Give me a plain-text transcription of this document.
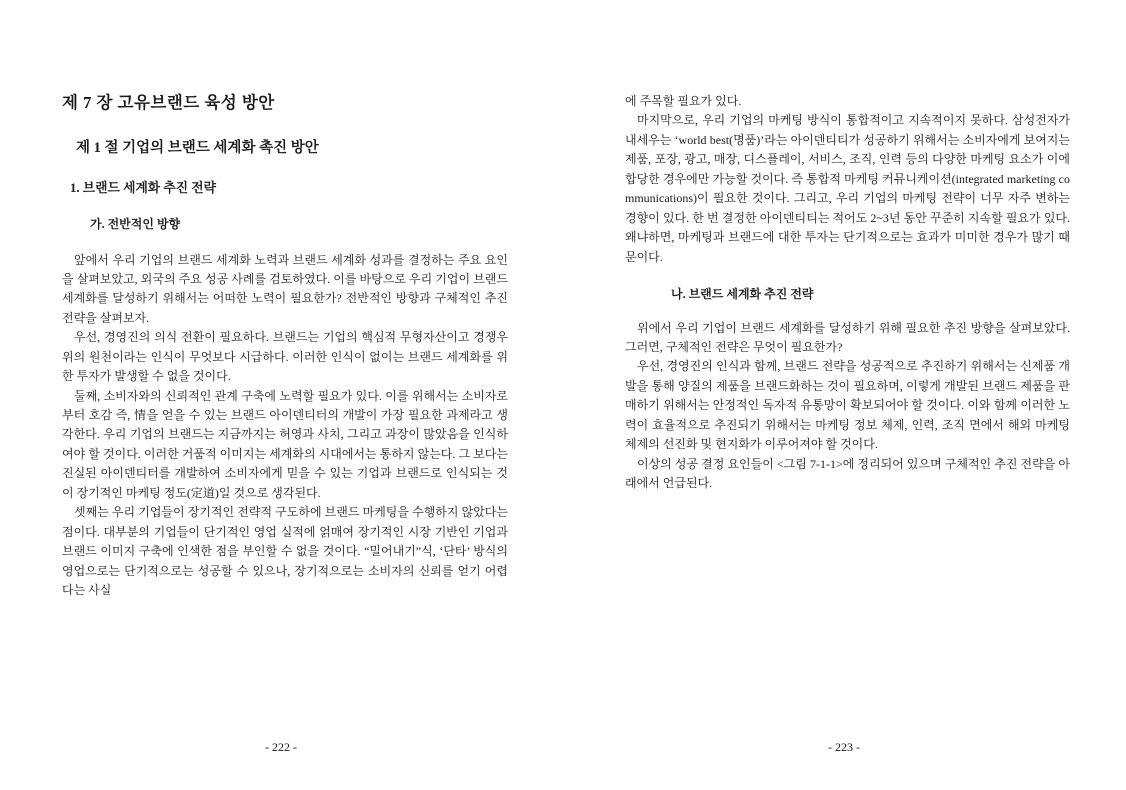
제 7 장 고유브랜드 육성 방안
제 1 절 기업의 브랜드 세계화 촉진 방안
1. 브랜드 세계화 추진 전략
가. 전반적인 방향

앞에서 우리 기업의 브랜드 세계화 노력과 브랜드 세계화 성과를 결정하는 주요 요인을 살펴보았고, 외국의 주요 성공 사례를 검토하였다. 이를 바탕으로 우리 기업이 브랜드 세계화를 달성하기 위해서는 어떠한 노력이 필요한가? 전반적인 방향과 구체적인 추진 전략을 살펴보자.

우선, 경영진의 의식 전환이 필요하다. 브랜드는 기업의 핵심적 무형자산이고 경쟁우위의 원천이라는 인식이 무엇보다 시급하다. 이러한 인식이 없이는 브랜드 세계화를 위한 투자가 발생할 수 없을 것이다.

둘째, 소비자와의 신뢰적인 관계 구축에 노력할 필요가 있다. 이를 위해서는 소비자로부터 호감 즉, 情을 얻을 수 있는 브랜드 아이덴티터의 개발이 가장 필요한 과제라고 생각한다. 우리 기업의 브랜드는 지금까지는 허영과 사치, 그리고 과장이 많았음을 인식하여야 할 것이다. 이러한 거품적 이미지는 세계화의 시대에서는 통하지 않는다. 그 보다는 진실된 아이덴티터를 개발하여 소비자에게 믿을 수 있는 기업과 브랜드로 인식되는 것이 장기적인 마케팅 정도(定道)일 것으로 생각된다.

셋째는 우리 기업들이 장기적인 전략적 구도하에 브랜드 마케팅을 수행하지 않았다는 점이다. 대부분의 기업들이 단기적인 영업 실적에 얽매여 장기적인 시장 기반인 기업과 브랜드 이미지 구축에 인색한 점을 부인할 수 없을 것이다. “밀어내기”식, ‘단타’ 방식의 영업으로는 단기적으로는 성공할 수 있으나, 장기적으로는 소비자의 신뢰를 얻기 어렵다는 사실

에 주목할 필요가 있다.

마지막으로, 우리 기업의 마케팅 방식이 통합적이고 지속적이지 못하다. 삼성전자가 내세우는 ‘world best(명품)’라는 아이덴티티가 성공하기 위해서는 소비자에게 보여지는 제품, 포장, 광고, 매장, 디스플레이, 서비스, 조직, 인력 등의 다양한 마케팅 요소가 이에 합당한 경우에만 가능할 것이다. 즉 통합적 마케팅 커뮤니케이션(integrated marketing communications)이 필요한 것이다. 그리고, 우리 기업의 마케팅 전략이 너무 자주 변하는 경향이 있다. 한 번 결정한 아이덴티티는 적어도 2~3년 동안 꾸준히 지속할 필요가 있다. 왜냐하면, 마케팅과 브랜드에 대한 투자는 단기적으로는 효과가 미미한 경우가 많기 때문이다.

나. 브랜드 세계화 추진 전략

위에서 우리 기업이 브랜드 세계화를 달성하기 위해 필요한 추진 방향을 살펴보았다. 그러면, 구체적인 전략은 무엇이 필요한가?

우선, 경영진의 인식과 함께, 브랜드 전략을 성공적으로 추진하기 위해서는 신제품 개발을 통해 양질의 제품을 브랜드화하는 것이 필요하며, 이렇게 개발된 브랜드 제품을 판매하기 위해서는 안정적인 독자적 유통망이 확보되어야 할 것이다. 이와 함께 이러한 노력이 효율적으로 추진되기 위해서는 마케팅 정보 체제, 인력, 조직 면에서 해외 마케팅 체제의 선진화 및 현지화가 이루어져야 할 것이다.

이상의 성공 결정 요인들이 <그림 7-1-1>에 정리되어 있으며 구체적인 추진 전략을 아래에서 언급된다.

- 222 -	- 223 -
